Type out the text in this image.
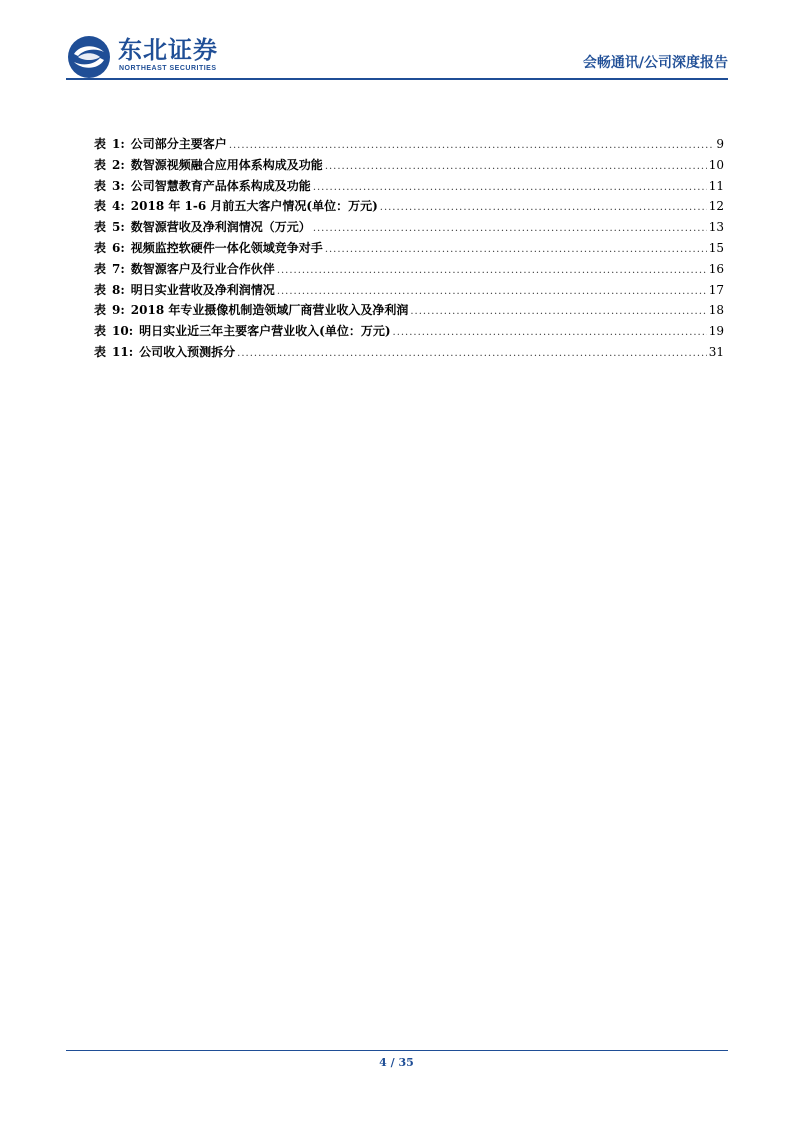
东北证券
NORTHEAST SECURITIES	会畅通讯/公司深度报告
表 1: 公司部分主要客户 .....	9
表 2: 数智源视频融合应用体系构成及功能 .....	10
表 3: 公司智慧教育产品体系构成及功能 .....	11
表 4: 2018 年 1-6 月前五大客户情况(单位：万元) .....	12
表 5: 数智源营收及净利润情况（万元） .....	13
表 6: 视频监控软硬件一体化领域竞争对手 .....	15
表 7: 数智源客户及行业合作伙伴 .....	16
表 8: 明日实业营收及净利润情况 .....	17
表 9: 2018 年专业摄像机制造领域厂商营业收入及净利润 .....	18
表 10: 明日实业近三年主要客户营业收入(单位：万元) .....	19
表 11: 公司收入预测拆分 .....	31
4 / 35
